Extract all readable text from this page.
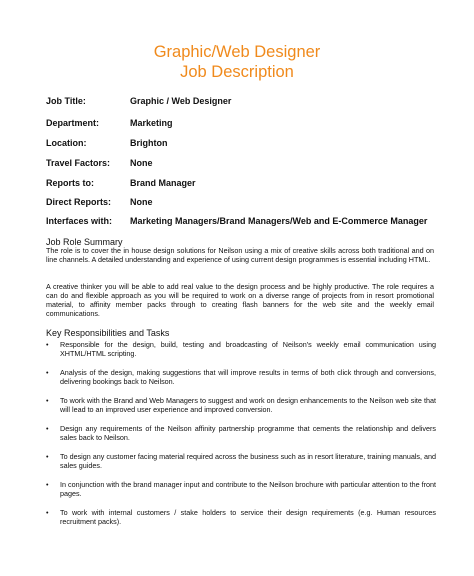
Graphic/Web Designer
Job Description
Job Title:	Graphic / Web Designer
Department:	Marketing
Location:	Brighton
Travel Factors:	None
Reports to:	Brand Manager
Direct Reports:	None
Interfaces with:	Marketing Managers/Brand Managers/Web and E-Commerce Manager
Job Role Summary
The role is to cover the in house design solutions for Neilson using a mix of creative skills across both traditional and on line channels. A detailed understanding and experience of using current design programmes is essential including HTML.
A creative thinker you will be able to add real value to the design process and be highly productive. The role requires a can do and flexible approach as you will be required to work on a diverse range of projects from in resort promotional material, to affinity member packs through to creating flash banners for the web site and the weekly email communications.
Key Responsibilities and Tasks
• Responsible for the design, build, testing and broadcasting of Neilson's weekly email communication using XHTML/HTML scripting.
• Analysis of the design, making suggestions that will improve results in terms of both click through and conversions, delivering bookings back to Neilson.
• To work with the Brand and Web Managers to suggest and work on design enhancements to the Neilson web site that will lead to an improved user experience and improved conversion.
• Design any requirements of the Neilson affinity partnership programme that cements the relationship and delivers sales back to Neilson.
• To design any customer facing material required across the business such as in resort literature, training manuals, and sales guides.
• In conjunction with the brand manager input and contribute to the Neilson brochure with particular attention to the front pages.
• To work with internal customers / stake holders to service their design requirements (e.g. Human resources recruitment packs).
